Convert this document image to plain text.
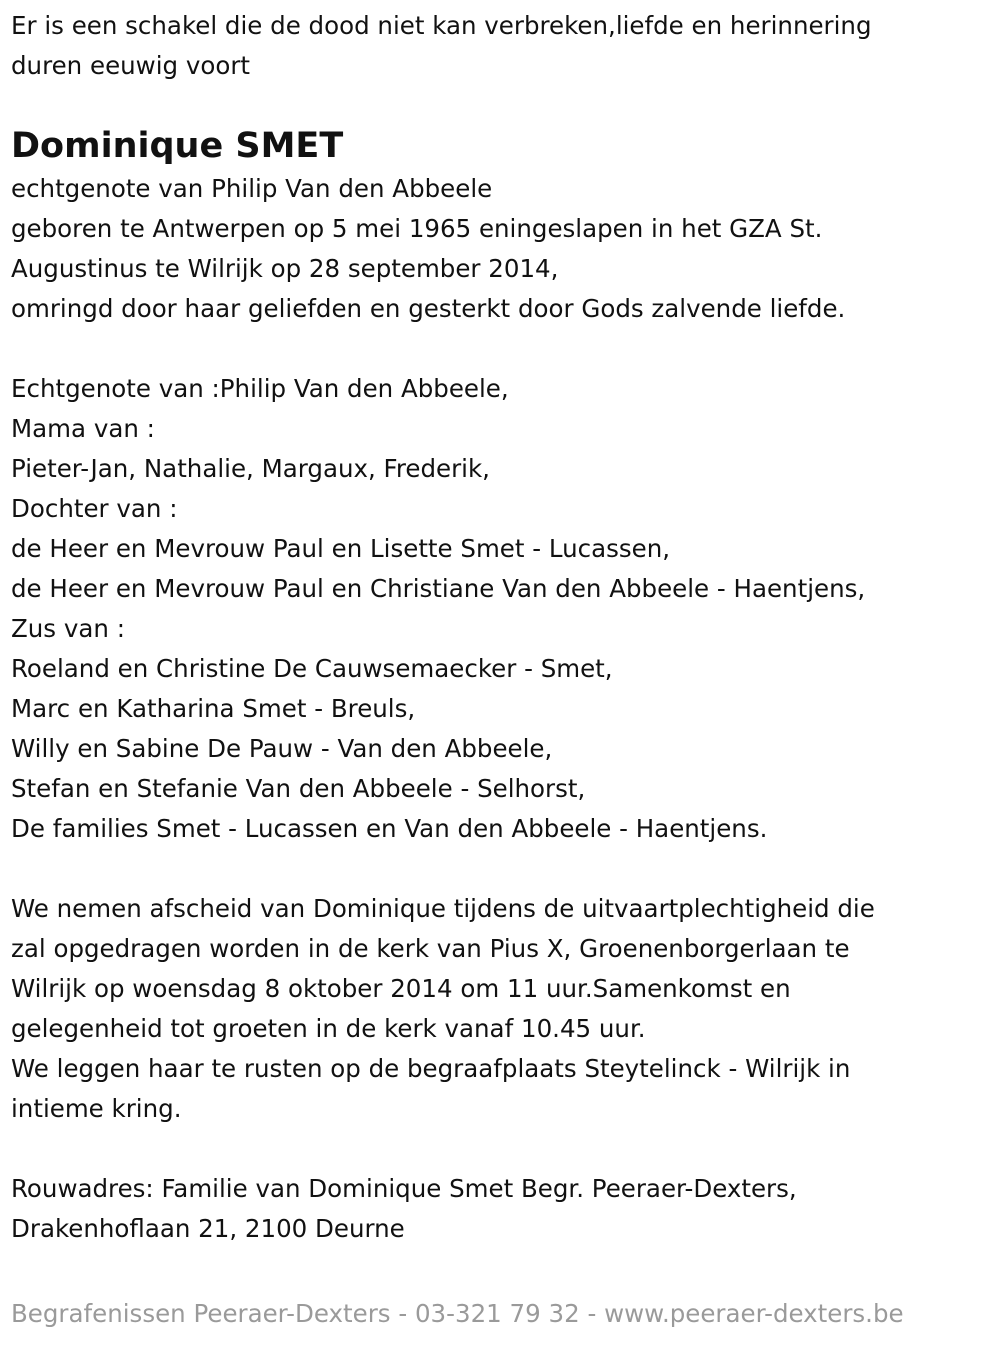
Er is een schakel die de dood niet kan verbreken,liefde en herinnering
duren eeuwig voort
Dominique SMET
echtgenote van Philip Van den Abbeele
geboren te Antwerpen op 5 mei 1965 eningeslapen in het GZA St.
Augustinus te Wilrijk op 28 september 2014,
omringd door haar geliefden en gesterkt door Gods zalvende liefde.
Echtgenote van :Philip Van den Abbeele,
Mama van :
Pieter-Jan, Nathalie, Margaux, Frederik,
Dochter van :
de Heer en Mevrouw Paul en Lisette Smet - Lucassen,
de Heer en Mevrouw Paul en Christiane Van den Abbeele - Haentjens,
Zus van :
Roeland en Christine De Cauwsemaecker - Smet,
Marc en Katharina Smet - Breuls,
Willy en Sabine De Pauw - Van den Abbeele,
Stefan en Stefanie Van den Abbeele - Selhorst,
De families Smet - Lucassen en Van den Abbeele - Haentjens.
We nemen afscheid van Dominique tijdens de uitvaartplechtigheid die
zal opgedragen worden in de kerk van Pius X, Groenenborgerlaan te
Wilrijk op woensdag 8 oktober 2014 om 11 uur.Samenkomst en
gelegenheid tot groeten in de kerk vanaf 10.45 uur.
We leggen haar te rusten op de begraafplaats Steytelinck - Wilrijk in
intieme kring.
Rouwadres: Familie van Dominique Smet Begr. Peeraer-Dexters,
Drakenhoflaan 21, 2100 Deurne
Begrafenissen Peeraer-Dexters - 03-321 79 32 - www.peeraer-dexters.be
